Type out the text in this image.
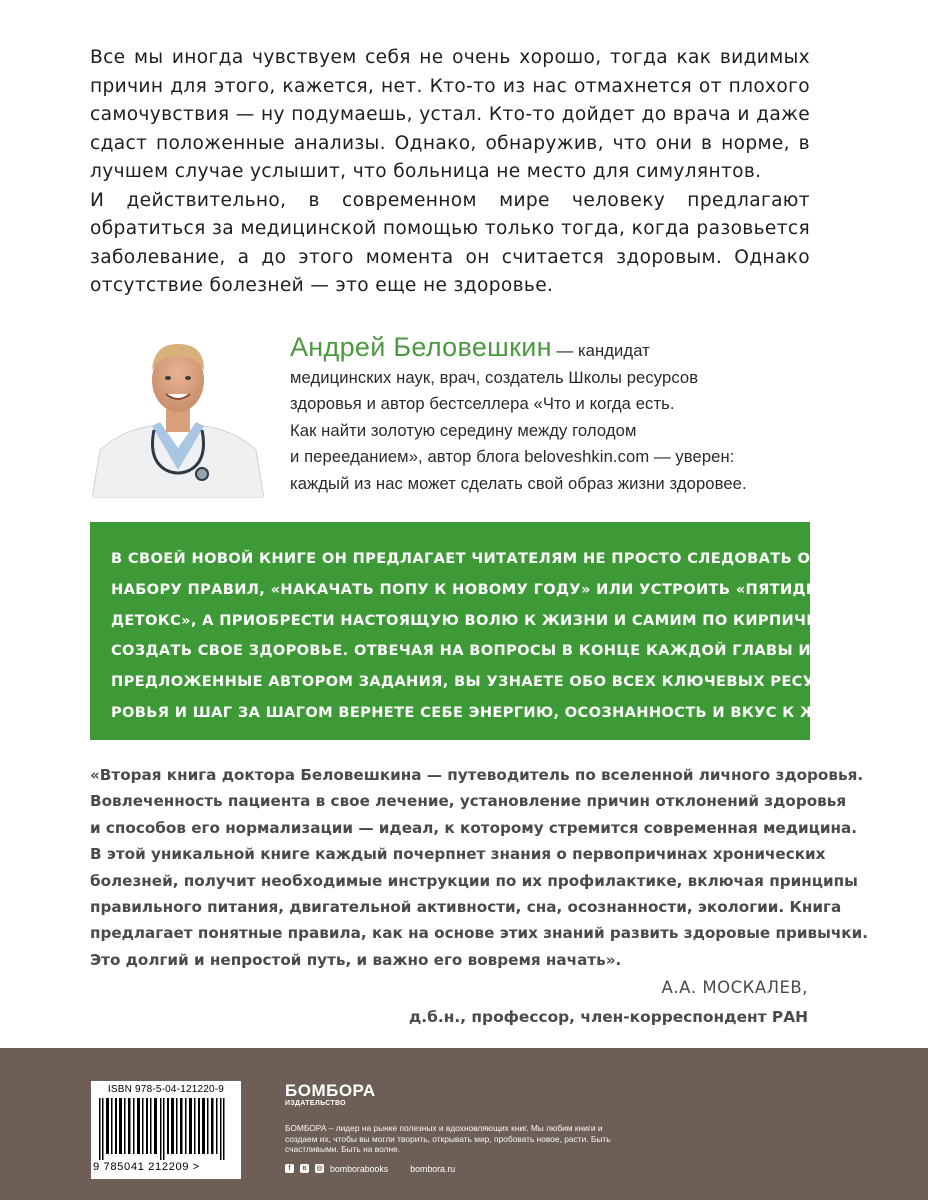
Все мы иногда чувствуем себя не очень хорошо, тогда как видимых причин для этого, кажется, нет. Кто-то из нас отмахнется от плохого самочувствия — ну подумаешь, устал. Кто-то дойдет до врача и даже сдаст положенные анализы. Однако, обнаружив, что они в норме, в лучшем случае услышит, что больница не место для симулянтов.

И действительно, в современном мире человеку предлагают обратиться за медицинской помощью только тогда, когда разовьется заболевание, а до этого момента он считается здоровым. Однако отсутствие болезней — это еще не здоровье.

Андрей Беловешкин — кандидат
медицинских наук, врач, создатель Школы ресурсов
здоровья и автор бестселлера «Что и когда есть.
Как найти золотую середину между голодом
и перееданием», автор блога beloveshkin.com — уверен:
каждый из нас может сделать свой образ жизни здоровее.
В СВОЕЙ НОВОЙ КНИГЕ ОН ПРЕДЛАГАЕТ ЧИТАТЕЛЯМ НЕ ПРОСТО СЛЕДОВАТЬ ОЧЕРЕДНОМУ
НАБОРУ ПРАВИЛ, «НАКАЧАТЬ ПОПУ К НОВОМУ ГОДУ» ИЛИ УСТРОИТЬ «ПЯТИДНЕВНЫЙ
ДЕТОКС», А ПРИОБРЕСТИ НАСТОЯЩУЮ ВОЛЮ К ЖИЗНИ И САМИМ ПО КИРПИЧИКУ
СОЗДАТЬ СВОЕ ЗДОРОВЬЕ. ОТВЕЧАЯ НА ВОПРОСЫ В КОНЦЕ КАЖДОЙ ГЛАВЫ И ВЫПОЛНЯЯ
ПРЕДЛОЖЕННЫЕ АВТОРОМ ЗАДАНИЯ, ВЫ УЗНАЕТЕ ОБО ВСЕХ КЛЮЧЕВЫХ РЕСУРСАХ ЗДО-
РОВЬЯ И ШАГ ЗА ШАГОМ ВЕРНЕТЕ СЕБЕ ЭНЕРГИЮ, ОСОЗНАННОСТЬ И ВКУС К ЖИЗНИ.
«Вторая книга доктора Беловешкина — путеводитель по вселенной личного здоровья.
Вовлеченность пациента в свое лечение, установление причин отклонений здоровья
и способов его нормализации — идеал, к которому стремится современная медицина.
В этой уникальной книге каждый почерпнет знания о первопричинах хронических
болезней, получит необходимые инструкции по их профилактике, включая принципы
правильного питания, двигательной активности, сна, осознанности, экологии. Книга
предлагает понятные правила, как на основе этих знаний развить здоровые привычки.
Это долгий и непростой путь, и важно его вовремя начать».
А.А. МОСКАЛЕВ,
д.б.н., профессор, член-корреспондент РАН
ISBN 978-5-04-121220-9
9 785041 212209 >
БОМБОРА
ИЗДАТЕЛЬСТВО
БОМБОРА – лидер на рынке полезных и вдохновляющих книг. Мы любим книги и создаем их, чтобы вы могли творить, открывать мир, пробовать новое, расти. Быть счастливыми. Быть на волне.
f	в	◎ bomborabooks	bombora.ru
